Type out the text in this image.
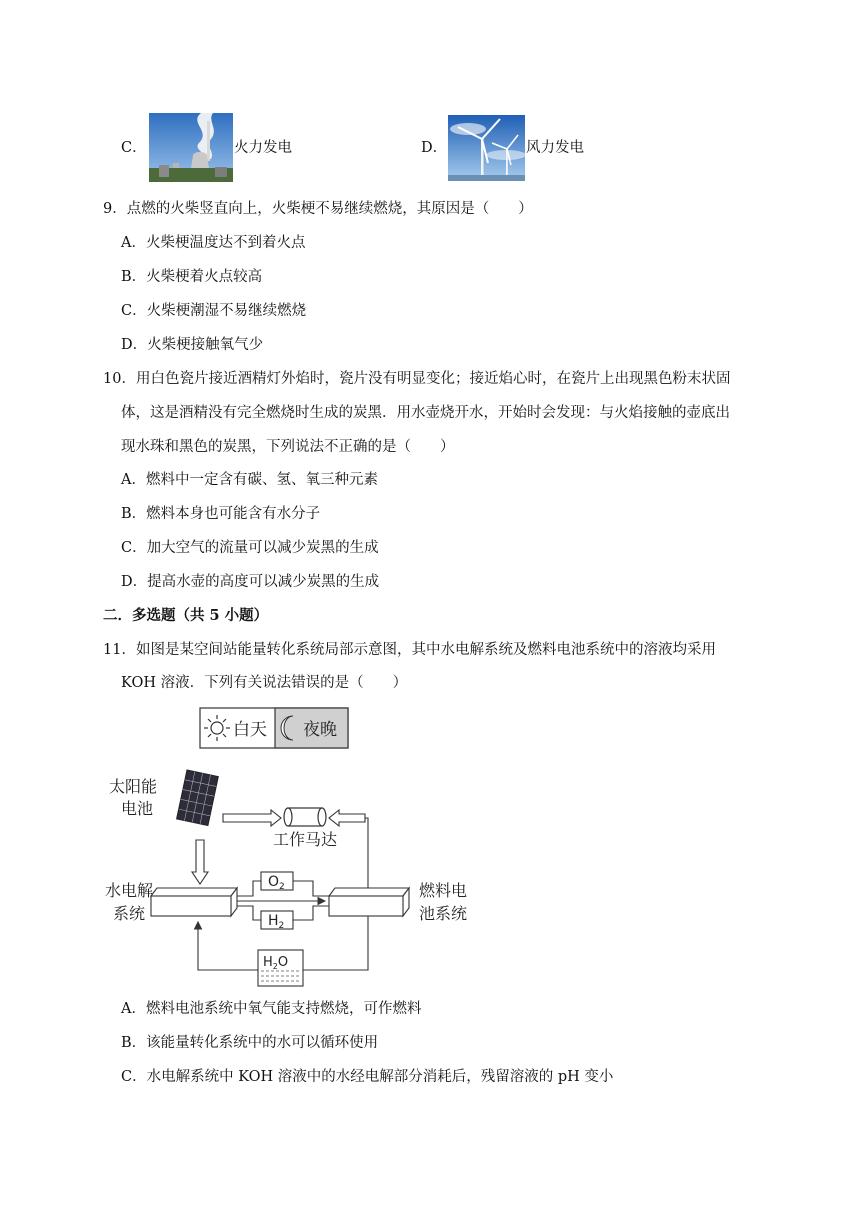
C．	火力发电	D．	风力发电
9．点燃的火柴竖直向上，火柴梗不易继续燃烧，其原因是（　　）
A．火柴梗温度达不到着火点
B．火柴梗着火点较高
C．火柴梗潮湿不易继续燃烧
D．火柴梗接触氧气少
10．用白色瓷片接近酒精灯外焰时，瓷片没有明显变化；接近焰心时，在瓷片上出现黑色粉末状固
体，这是酒精没有完全燃烧时生成的炭黑．用水壶烧开水，开始时会发现：与火焰接触的壶底出
现水珠和黑色的炭黑，下列说法不正确的是（　　）
A．燃料中一定含有碳、氢、氧三种元素
B．燃料本身也可能含有水分子
C．加大空气的流量可以减少炭黑的生成
D．提高水壶的高度可以减少炭黑的生成
二．多选题（共 5 小题）
11．如图是某空间站能量转化系统局部示意图，其中水电解系统及燃料电池系统中的溶液均采用
KOH 溶液．下列有关说法错误的是（　　）
白天 夜晚
太阳能
电池
工作马达
水电解
系统
燃料电
池系统
$O_2$
$H_2$
$H_2O$
A．燃料电池系统中氧气能支持燃烧，可作燃料
B．该能量转化系统中的水可以循环使用
C．水电解系统中 KOH 溶液中的水经电解部分消耗后，残留溶液的 pH 变小
